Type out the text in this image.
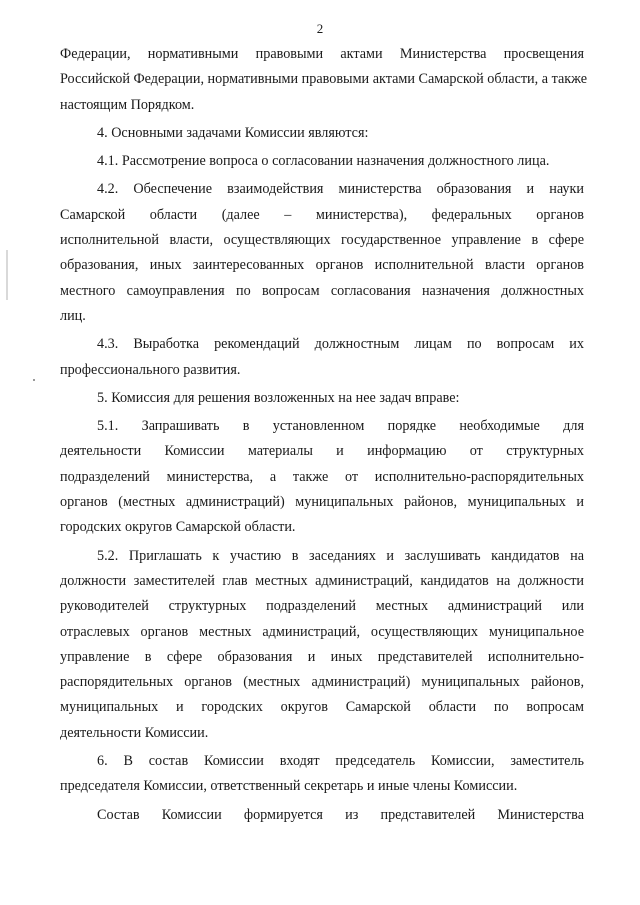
2
Федерации, нормативными правовыми актами Министерства просвещения
Российской Федерации, нормативными правовыми актами Самарской области, а также
настоящим Порядком.
4. Основными задачами Комиссии являются:
4.1. Рассмотрение вопроса о согласовании назначения должностного лица.
4.2. Обеспечение взаимодействия министерства образования и науки
Самарской области (далее – министерства), федеральных органов
исполнительной власти, осуществляющих государственное управление в сфере
образования, иных заинтересованных органов исполнительной власти органов
местного самоуправления по вопросам согласования назначения должностных
лиц.
4.3. Выработка рекомендаций должностным лицам по вопросам их
профессионального развития.
5. Комиссия для решения возложенных на нее задач вправе:
5.1. Запрашивать в установленном порядке необходимые для
деятельности Комиссии материалы и информацию от структурных
подразделений министерства, а также от исполнительно-распорядительных
органов (местных администраций) муниципальных районов, муниципальных и
городских округов Самарской области.
5.2. Приглашать к участию в заседаниях и заслушивать кандидатов на
должности заместителей глав местных администраций, кандидатов на должности
руководителей структурных подразделений местных администраций или
отраслевых органов местных администраций, осуществляющих муниципальное
управление в сфере образования и иных представителей исполнительно-
распорядительных органов (местных администраций) муниципальных районов,
муниципальных и городских округов Самарской области по вопросам
деятельности Комиссии.
6. В состав Комиссии входят председатель Комиссии, заместитель
председателя Комиссии, ответственный секретарь и иные члены Комиссии.
Состав Комиссии формируется из представителей Министерства
